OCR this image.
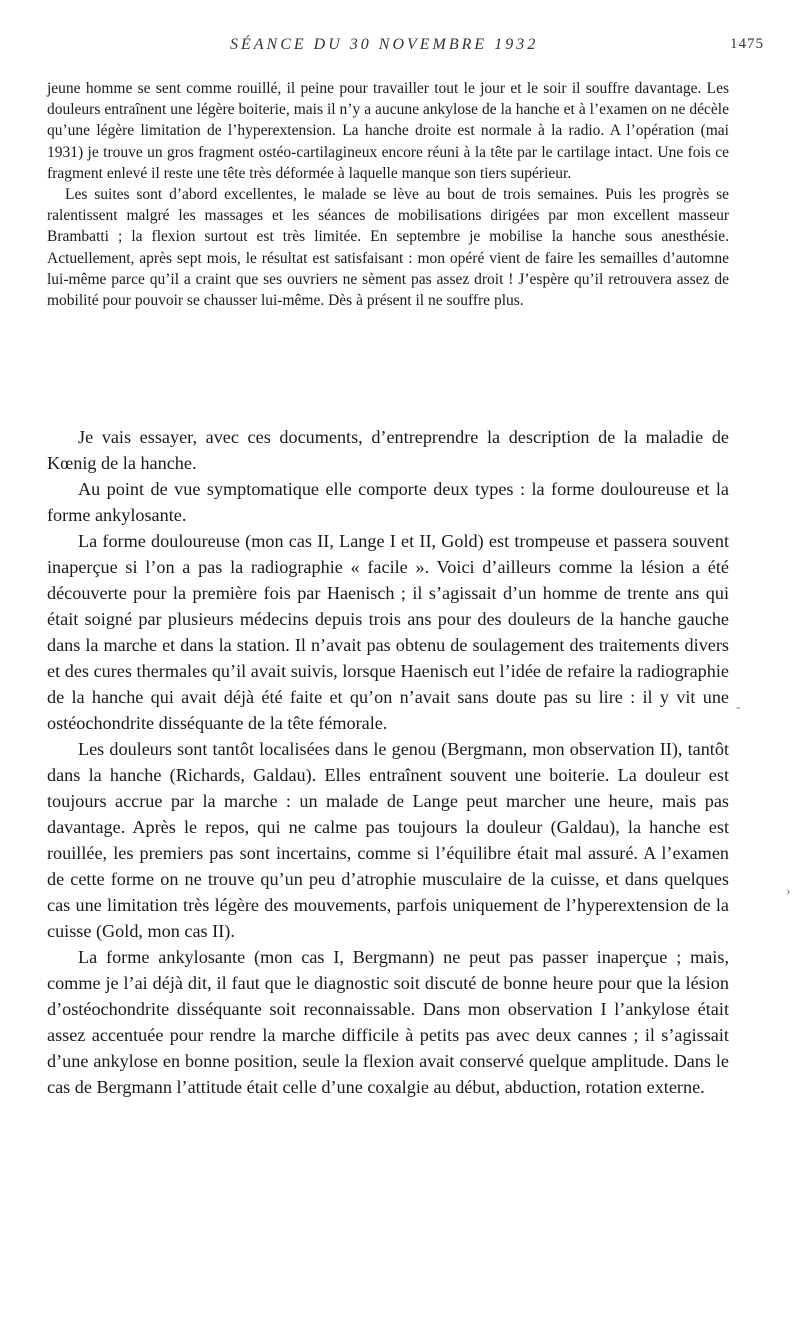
SÉANCE DU 30 NOVEMBRE 1932	1475

jeune homme se sent comme rouillé, il peine pour travailler tout le jour et le soir il souffre davantage. Les douleurs entraînent une légère boiterie, mais il n’y a aucune ankylose de la hanche et à l’examen on ne décèle qu’une légère limitation de l’hyperextension. La hanche droite est normale à la radio. A l’opération (mai 1931) je trouve un gros fragment ostéo-cartilagineux encore réuni à la tête par le cartilage intact. Une fois ce fragment enlevé il reste une tête très déformée à laquelle manque son tiers supérieur.

Les suites sont d’abord excellentes, le malade se lève au bout de trois semaines. Puis les progrès se ralentissent malgré les massages et les séances de mobilisations dirigées par mon excellent masseur Brambatti ; la flexion surtout est très limitée. En septembre je mobilise la hanche sous anesthésie. Actuellement, après sept mois, le résultat est satisfaisant : mon opéré vient de faire les semailles d’automne lui-même parce qu’il a craint que ses ouvriers ne sèment pas assez droit ! J’espère qu’il retrouvera assez de mobilité pour pouvoir se chausser lui-même. Dès à présent il ne souffre plus.

Je vais essayer, avec ces documents, d’entreprendre la description de la maladie de Kœnig de la hanche.

Au point de vue symptomatique elle comporte deux types : la forme douloureuse et la forme ankylosante.

La forme douloureuse (mon cas II, Lange I et II, Gold) est trompeuse et passera souvent inaperçue si l’on a pas la radiographie « facile ». Voici d’ailleurs comme la lésion a été découverte pour la première fois par Haenisch ; il s’agissait d’un homme de trente ans qui était soigné par plusieurs médecins depuis trois ans pour des douleurs de la hanche gauche dans la marche et dans la station. Il n’avait pas obtenu de soulagement des traitements divers et des cures thermales qu’il avait suivis, lorsque Haenisch eut l’idée de refaire la radiographie de la hanche qui avait déjà été faite et qu’on n’avait sans doute pas su lire : il y vit une ostéochondrite disséquante de la tête fémorale.

Les douleurs sont tantôt localisées dans le genou (Bergmann, mon observation II), tantôt dans la hanche (Richards, Galdau). Elles entraînent souvent une boiterie. La douleur est toujours accrue par la marche : un malade de Lange peut marcher une heure, mais pas davantage. Après le repos, qui ne calme pas toujours la douleur (Galdau), la hanche est rouillée, les premiers pas sont incertains, comme si l’équilibre était mal assuré. A l’examen de cette forme on ne trouve qu’un peu d’atrophie musculaire de la cuisse, et dans quelques cas une limitation très légère des mouvements, parfois uniquement de l’hyperextension de la cuisse (Gold, mon cas II).

La forme ankylosante (mon cas I, Bergmann) ne peut pas passer inaperçue ; mais, comme je l’ai déjà dit, il faut que le diagnostic soit discuté de bonne heure pour que la lésion d’ostéochondrite disséquante soit reconnaissable. Dans mon observation I l’ankylose était assez accentuée pour rendre la marche difficile à petits pas avec deux cannes ; il s’agissait d’une ankylose en bonne position, seule la flexion avait conservé quelque amplitude. Dans le cas de Bergmann l’attitude était celle d’une coxalgie au début, abduction, rotation externe.

-
›
